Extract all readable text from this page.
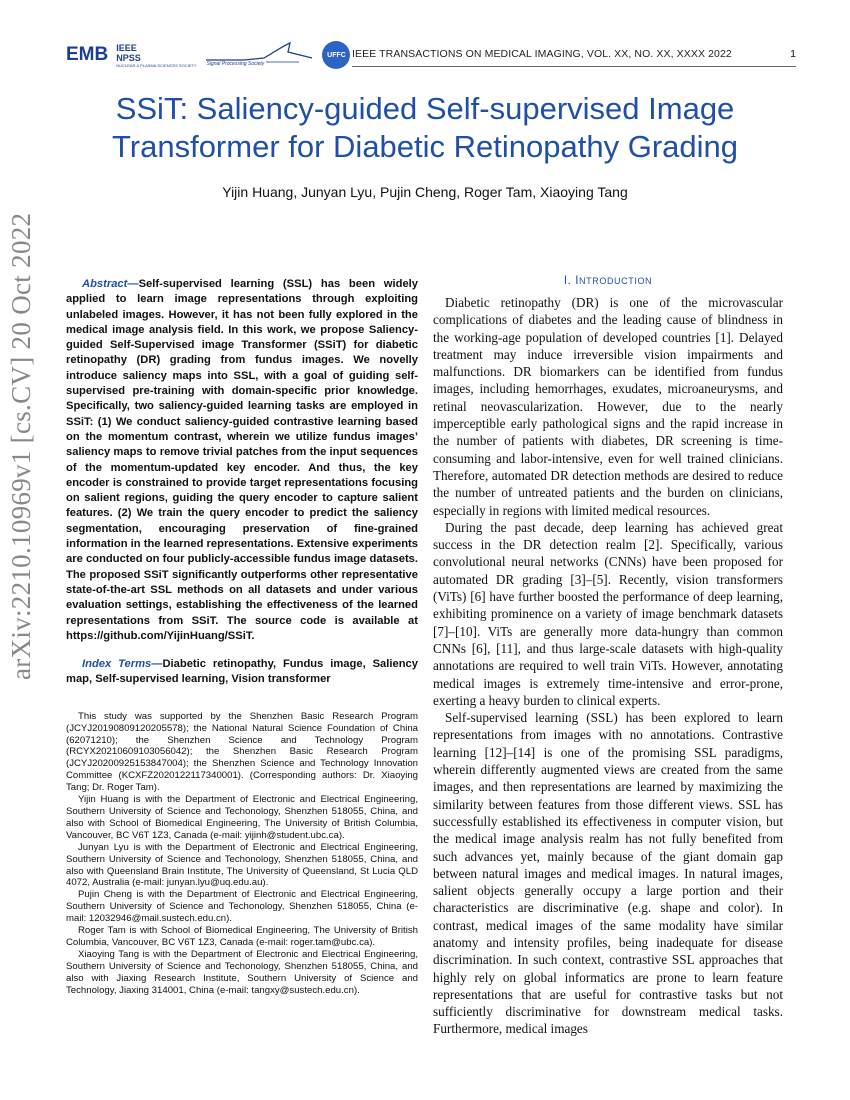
EMB IEEE
NPSS
NUCLEAR & PLASMA SCIENCES SOCIETY Signal Processing Society
UFFC IEEE TRANSACTIONS ON MEDICAL IMAGING, VOL. XX, NO. XX, XXXX 2022	1
SSiT: Saliency-guided Self-supervised Image Transformer for Diabetic Retinopathy Grading
Yijin Huang, Junyan Lyu, Pujin Cheng, Roger Tam, Xiaoying Tang
arXiv:2210.10969v1 [cs.CV] 20 Oct 2022	Abstract—Self-supervised learning (SSL) has been widely applied to learn image representations through exploiting unlabeled images. However, it has not been fully explored in the medical image analysis field. In this work, we propose Saliency-guided Self-Supervised image Transformer (SSiT) for diabetic retinopathy (DR) grading from fundus images. We novelly introduce saliency maps into SSL, with a goal of guiding self-supervised pre-training with domain-specific prior knowledge. Specifically, two saliency-guided learning tasks are employed in SSiT: (1) We conduct saliency-guided contrastive learning based on the momentum contrast, wherein we utilize fundus images’ saliency maps to remove trivial patches from the input sequences of the momentum-updated key encoder. And thus, the key encoder is constrained to provide target representations focusing on salient regions, guiding the query encoder to capture salient features. (2) We train the query encoder to predict the saliency segmentation, encouraging preservation of fine-grained information in the learned representations. Extensive experiments are conducted on four publicly-accessible fundus image datasets. The proposed SSiT significantly outperforms other representative state-of-the-art SSL methods on all datasets and under various evaluation settings, establishing the effectiveness of the learned representations from SSiT. The source code is available at https://github.com/YijinHuang/SSiT.

Index Terms—Diabetic retinopathy, Fundus image, Saliency map, Self-supervised learning, Vision transformer

This study was supported by the Shenzhen Basic Research Program (JCYJ20190809120205578); the National Natural Science Foundation of China (62071210); the Shenzhen Science and Technology Program (RCYX20210609103056042); the Shenzhen Basic Research Program (JCYJ20200925153847004); the Shenzhen Science and Technology Innovation Committee (KCXFZ2020122117340001). (Corresponding authors: Dr. Xiaoying Tang; Dr. Roger Tam).

Yijin Huang is with the Department of Electronic and Electrical Engineering, Southern University of Science and Techonology, Shenzhen 518055, China, and also with School of Biomedical Engineering, The University of British Columbia, Vancouver, BC V6T 1Z3, Canada (e-mail: yijinh@student.ubc.ca).

Junyan Lyu is with the Department of Electronic and Electrical Engineering, Southern University of Science and Techonology, Shenzhen 518055, China, and also with Queensland Brain Institute, The University of Queensland, St Lucia QLD 4072, Australia (e-mail: junyan.lyu@uq.edu.au).

Pujin Cheng is with the Department of Electronic and Electrical Engineering, Southern University of Science and Techonology, Shenzhen 518055, China (e-mail: 12032946@mail.sustech.edu.cn).

Roger Tam is with School of Biomedical Engineering, The University of British Columbia, Vancouver, BC V6T 1Z3, Canada (e-mail: roger.tam@ubc.ca).

Xiaoying Tang is with the Department of Electronic and Electrical Engineering, Southern University of Science and Techonology, Shenzhen 518055, China, and also with Jiaxing Research Institute, Southern University of Science and Technology, Jiaxing 314001, China (e-mail: tangxy@sustech.edu.cn).

I. INTRODUCTION

Diabetic retinopathy (DR) is one of the microvascular complications of diabetes and the leading cause of blindness in the working-age population of developed countries [1]. Delayed treatment may induce irreversible vision impairments and malfunctions. DR biomarkers can be identified from fundus images, including hemorrhages, exudates, microaneurysms, and retinal neovascularization. However, due to the nearly imperceptible early pathological signs and the rapid increase in the number of patients with diabetes, DR screening is time-consuming and labor-intensive, even for well trained clinicians. Therefore, automated DR detection methods are desired to reduce the number of untreated patients and the burden on clinicians, especially in regions with limited medical resources.

During the past decade, deep learning has achieved great success in the DR detection realm [2]. Specifically, various convolutional neural networks (CNNs) have been proposed for automated DR grading [3]–[5]. Recently, vision transformers (ViTs) [6] have further boosted the performance of deep learning, exhibiting prominence on a variety of image benchmark datasets [7]–[10]. ViTs are generally more data-hungry than common CNNs [6], [11], and thus large-scale datasets with high-quality annotations are required to well train ViTs. However, annotating medical images is extremely time-intensive and error-prone, exerting a heavy burden to clinical experts.

Self-supervised learning (SSL) has been explored to learn representations from images with no annotations. Contrastive learning [12]–[14] is one of the promising SSL paradigms, wherein differently augmented views are created from the same images, and then representations are learned by maximizing the similarity between features from those different views. SSL has successfully established its effectiveness in computer vision, but the medical image analysis realm has not fully benefited from such advances yet, mainly because of the giant domain gap between natural images and medical images. In natural images, salient objects generally occupy a large portion and their characteristics are discriminative (e.g. shape and color). In contrast, medical images of the same modality have similar anatomy and intensity profiles, being inadequate for disease discrimination. In such context, contrastive SSL approaches that highly rely on global informatics are prone to learn feature representations that are useful for contrastive tasks but not sufficiently discriminative for downstream medical tasks. Furthermore, medical images
